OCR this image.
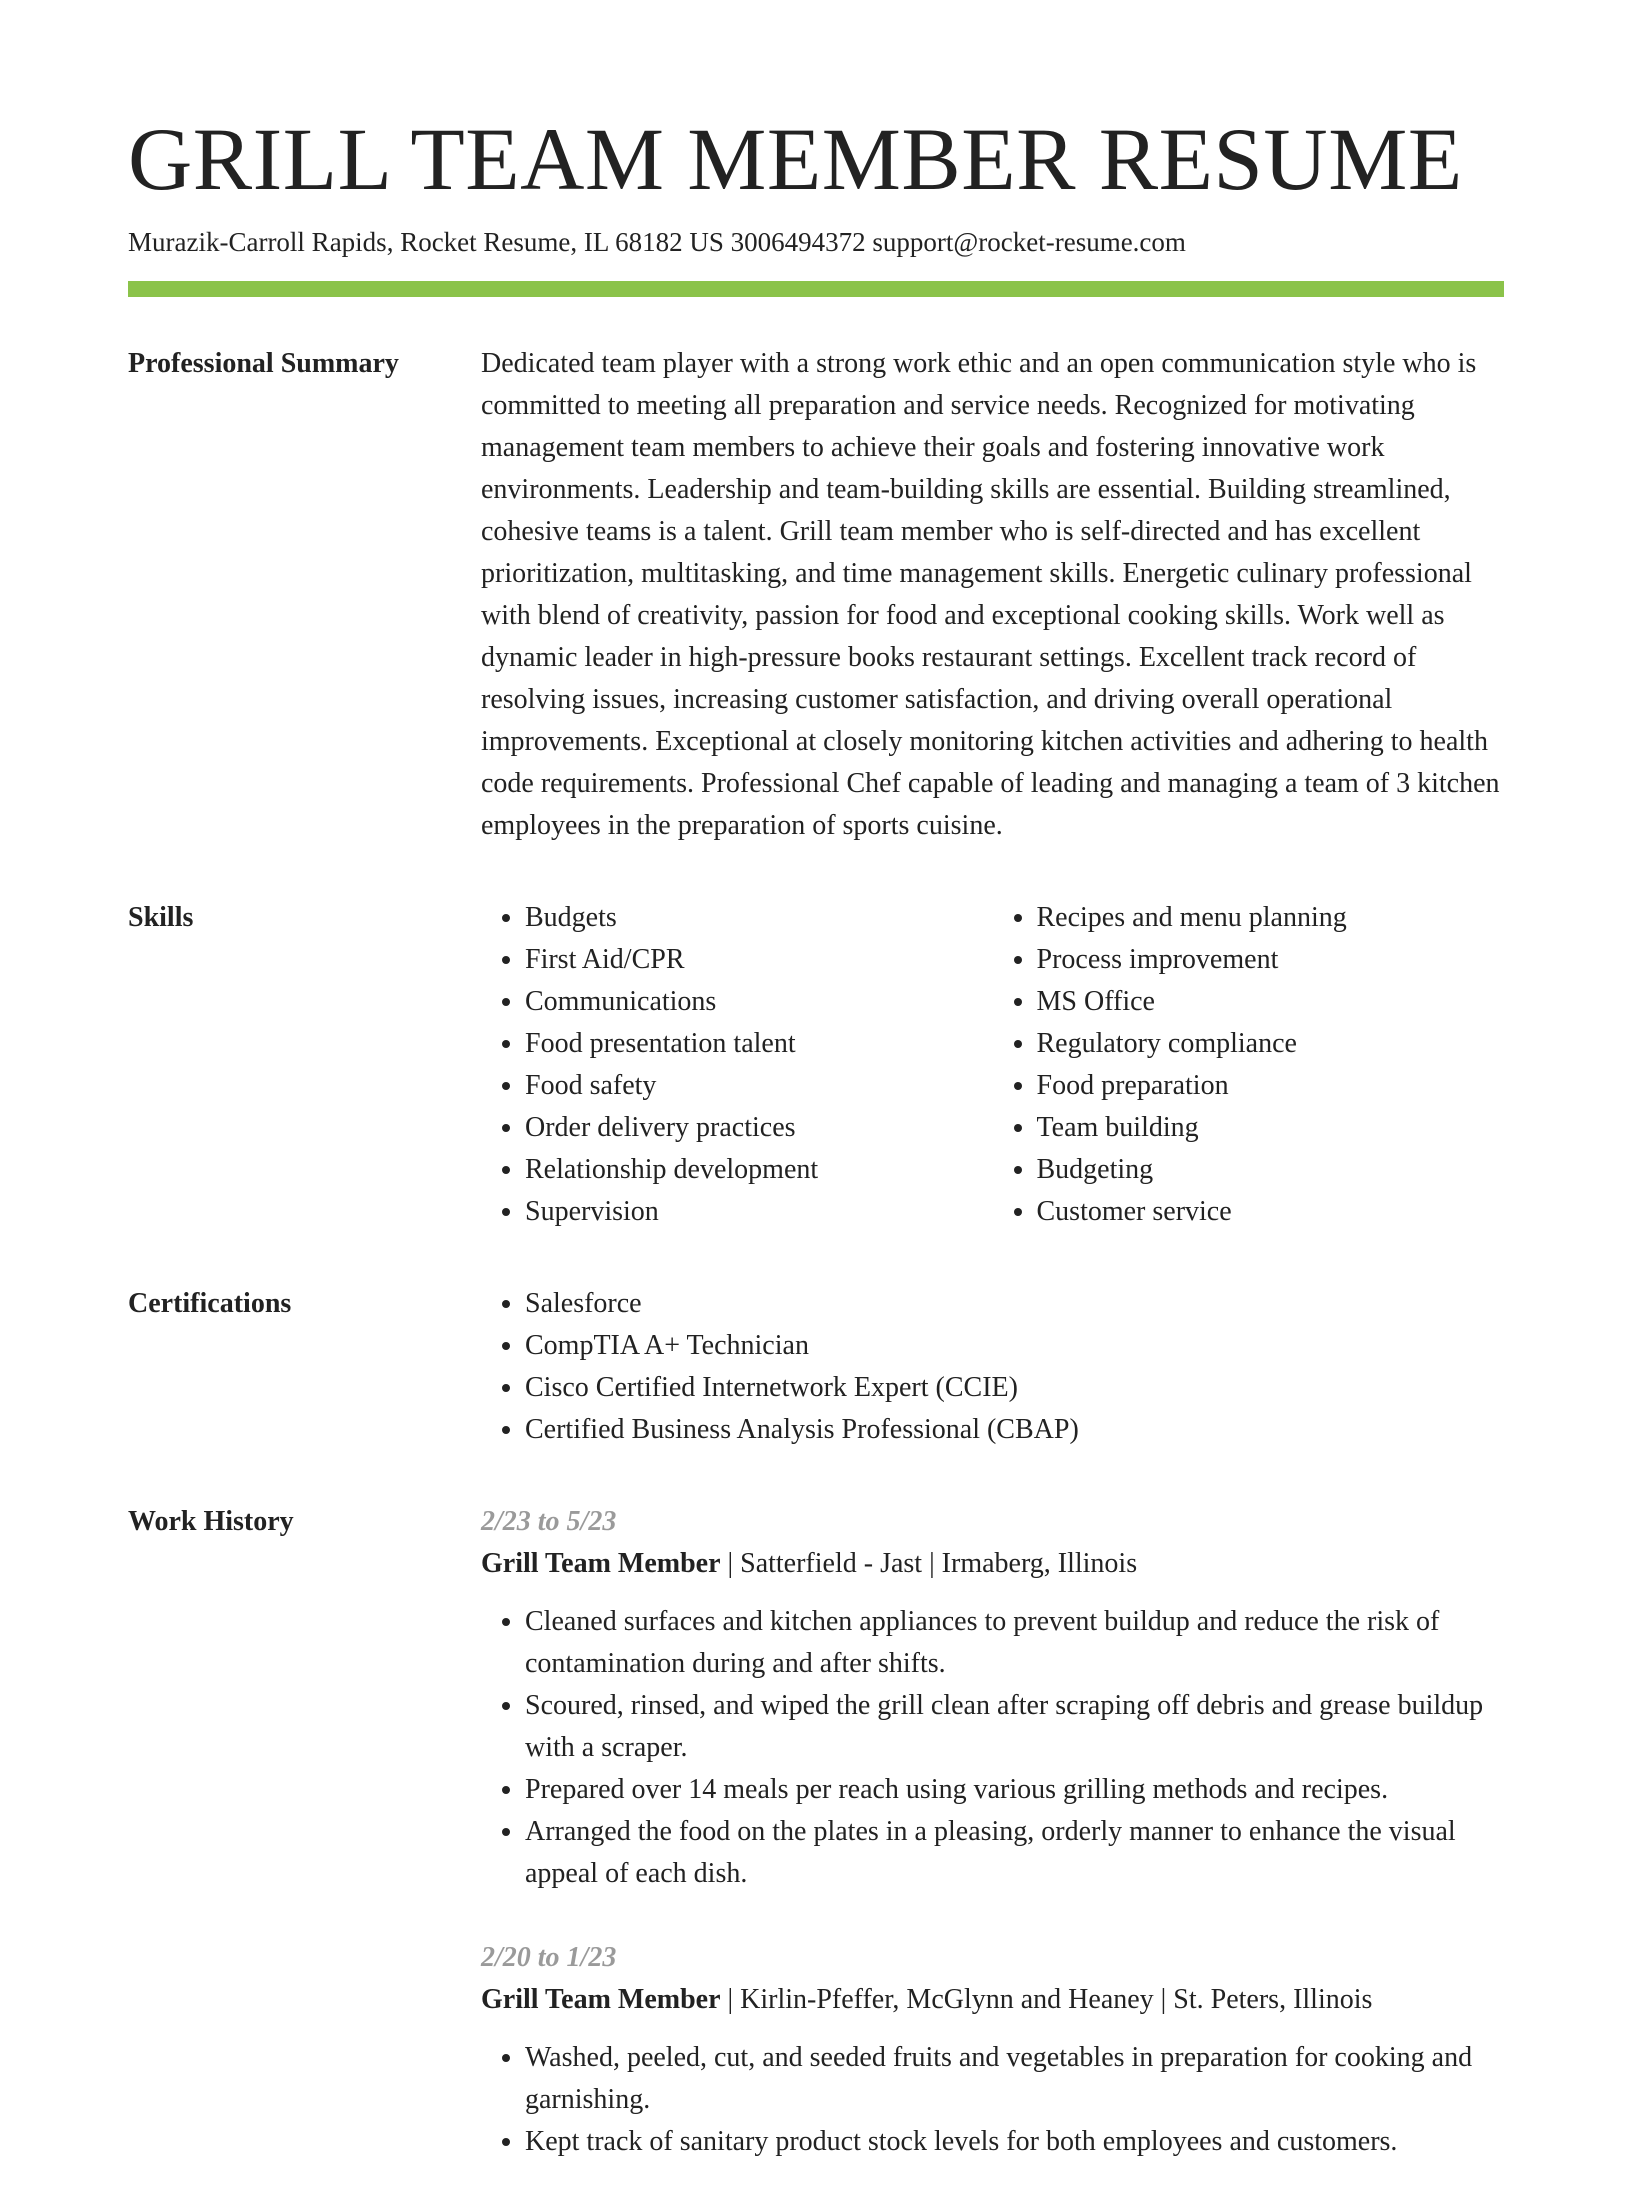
GRILL TEAM MEMBER RESUME
Murazik-Carroll Rapids, Rocket Resume, IL 68182 US 3006494372 support@rocket-resume.com
Professional Summary	Dedicated team player with a strong work ethic and an open communication style who is committed to meeting all preparation and service needs. Recognized for motivating management team members to achieve their goals and fostering innovative work environments. Leadership and team-building skills are essential. Building streamlined, cohesive teams is a talent. Grill team member who is self-directed and has excellent prioritization, multitasking, and time management skills. Energetic culinary professional with blend of creativity, passion for food and exceptional cooking skills. Work well as dynamic leader in high-pressure books restaurant settings. Excellent track record of resolving issues, increasing customer satisfaction, and driving overall operational improvements. Exceptional at closely monitoring kitchen activities and adhering to health code requirements. Professional Chef capable of leading and managing a team of 3 kitchen employees in the preparation of sports cuisine.

Skills	• Budgets
• First Aid/CPR
• Communications
• Food presentation talent
• Food safety
• Order delivery practices
• Relationship development
• Supervision
• Recipes and menu planning
• Process improvement
• MS Office
• Regulatory compliance
• Food preparation
• Team building
• Budgeting
• Customer service
Certifications	• Salesforce
• CompTIA A+ Technician
• Cisco Certified Internetwork Expert (CCIE)
• Certified Business Analysis Professional (CBAP)
Work History	2/23 to 5/23
Grill Team Member | Satterfield - Jast | Irmaberg, Illinois
• Cleaned surfaces and kitchen appliances to prevent buildup and reduce the risk of contamination during and after shifts.
• Scoured, rinsed, and wiped the grill clean after scraping off debris and grease buildup with a scraper.
• Prepared over 14 meals per reach using various grilling methods and recipes.
• Arranged the food on the plates in a pleasing, orderly manner to enhance the visual appeal of each dish.
2/20 to 1/23
Grill Team Member | Kirlin-Pfeffer, McGlynn and Heaney | St. Peters, Illinois
• Washed, peeled, cut, and seeded fruits and vegetables in preparation for cooking and garnishing.
• Kept track of sanitary product stock levels for both employees and customers.
